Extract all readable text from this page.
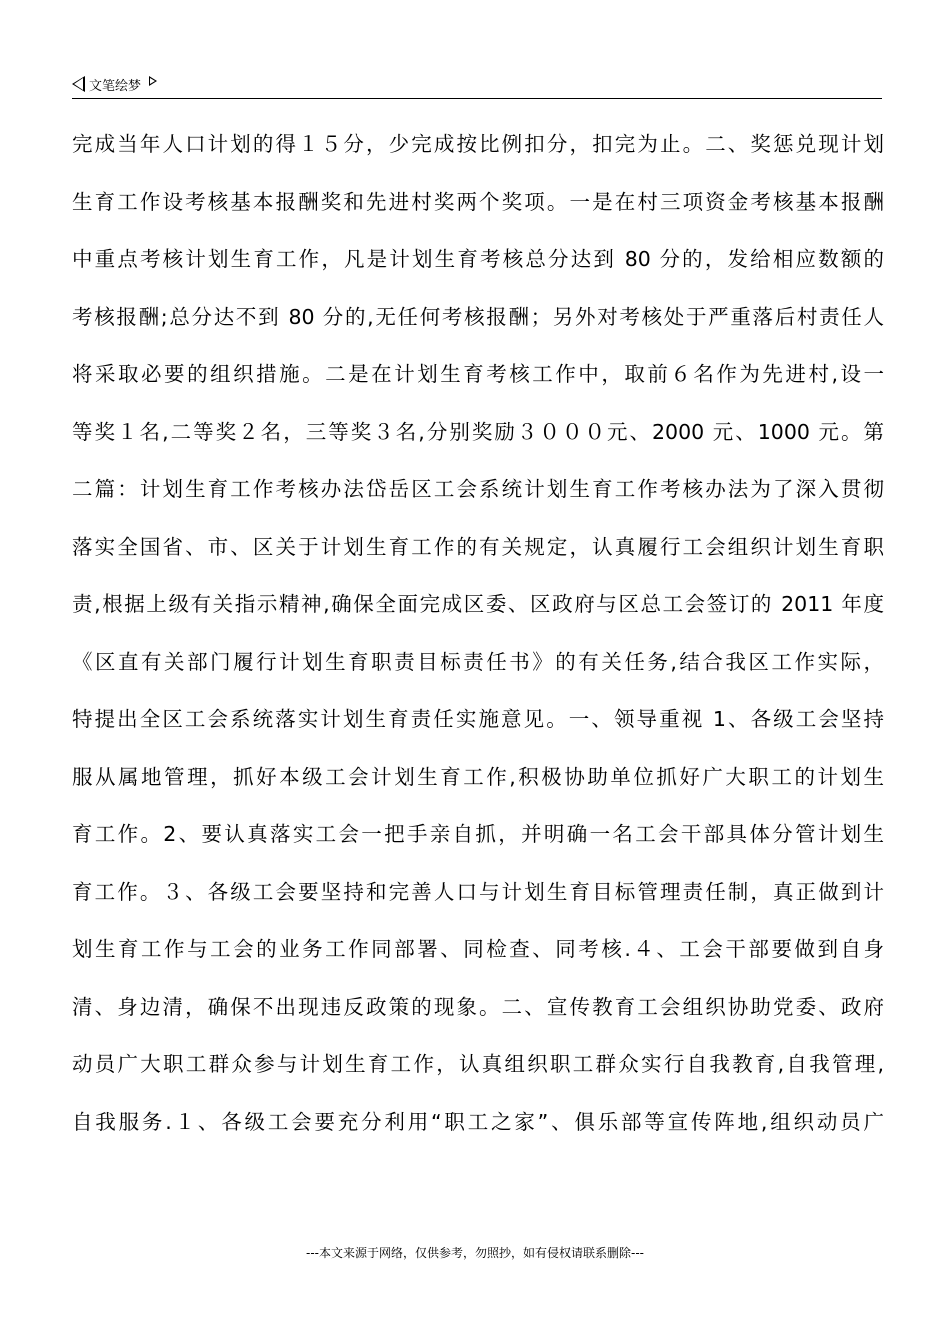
文笔绘梦
完成当年人口计划的得１５分，少完成按比例扣分，扣完为止。二、奖惩兑现计划
生育工作设考核基本报酬奖和先进村奖两个奖项。一是在村三项资金考核基本报酬
中重点考核计划生育工作，凡是计划生育考核总分达到 80 分的，发给相应数额的
考核报酬;总分达不到 80 分的,无任何考核报酬；另外对考核处于严重落后村责任人
将采取必要的组织措施。二是在计划生育考核工作中，取前６名作为先进村,设一
等奖１名,二等奖２名，三等奖３名,分别奖励３０００元、2000 元、1000 元。第
二篇：计划生育工作考核办法岱岳区工会系统计划生育工作考核办法为了深入贯彻
落实全国省、市、区关于计划生育工作的有关规定，认真履行工会组织计划生育职
责,根据上级有关指示精神,确保全面完成区委、区政府与区总工会签订的 2011 年度
《区直有关部门履行计划生育职责目标责任书》的有关任务,结合我区工作实际，
特提出全区工会系统落实计划生育责任实施意见。一、领导重视 1、各级工会坚持
服从属地管理，抓好本级工会计划生育工作,积极协助单位抓好广大职工的计划生
育工作。2、要认真落实工会一把手亲自抓，并明确一名工会干部具体分管计划生
育工作。３、各级工会要坚持和完善人口与计划生育目标管理责任制，真正做到计
划生育工作与工会的业务工作同部署、同检查、同考核.４、工会干部要做到自身
清、身边清，确保不出现违反政策的现象。二、宣传教育工会组织协助党委、政府
动员广大职工群众参与计划生育工作，认真组织职工群众实行自我教育,自我管理,
自我服务.１、各级工会要充分利用“职工之家”、俱乐部等宣传阵地,组织动员广
---本文来源于网络，仅供参考，勿照抄，如有侵权请联系删除---
